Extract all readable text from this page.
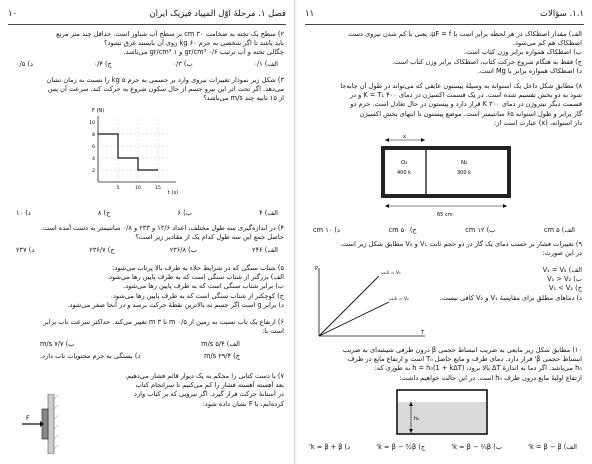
۱۰	فصل ۱. مرحلهٔ اوّل المپیاد فیزیک ایران
۲) سطح یک تخته به ضخامت ۳۰ cm بر سطح آب شناور است. حداقل چند متر مربع
باید باشد تا اگر شخصی به جرم ۶۰ kg روی آن بایستد غرق نشود؟
چگالی تخته و آب ترتیب ۰/۶ gr/cm³ و ۱ gr/cm³ می‌باشد.
الف) ۰/۱
ب) ۰/۳
ج) ۰/۴
د) ۰/۵
۳) شکل زیر نمودار تغییرات نیروی وارد بر جسمی به جرم ۵ kg را نسبت به زمان نشان
می‌دهد. اگر تحت اثر این نیرو جسم از حال سکون شروع به حرکت کند، سرعت آن پس
از ۱۵ ثانیه چند m/s می‌باشد؟
F (N)
t (s)
10
8
6
4
2
5	10	15
الف) ۴
ب) ۶
ج) ۸
د) ۱۰
۴) در اندازه‌گیری سه طول مختلف، اعداد ۱۳/۶ و ۲۳۳ و ۰/۸ سانتیمتر به دست آمده است.
حاصل جمع این سه طول کدام یک از مقادیر زیر است؟
الف) ۲۴۶
ب) ۲۳۶/۸
ج) ۲۳۶/۷
د) ۲۳۷
۵) شتاب سنگی که در شرایط خلاء به طرف بالا پرتاب می‌شود:
الف) بزرگتر از شتاب سنگی است که به طرف پایین رها می‌شود.
ب) برابر شتاب سنگی است که به طرف پایین رها می‌شود.
ج) کوچکتر از شتاب سنگی است که به طرف پایین رها می‌شود.
د) برابر g است اگر جسم به بالاترین نقطهٔ حرکت برسد و در آنجا صفر می‌شود.
۶) ارتفاع یک تاب نسبت به زمین از ۰/۵ m تا ۳ m تغییر می‌کند. حداکثر سرعت تاب برابر
است با:
الف) ۵/۴ m/s
ب) ۷/۷ m/s
ج) ۲۹/۴ m/s
د) بستگی به جرم محتویات تاب دارد.
۷) با دست کتابی را محکم به یک دیوار قائم فشار می‌دهیم.
بعد آهسته آهسته فشار را کم می‌کنیم تا سرانجام کتاب
در آستانهٔ حرکت قرار گیرد. اگر نیرویی که بر کتاب وارد
کرده‌ایم، با F نشان داده شود:
F
۱۱	۱.۱. سؤالات
الف) مقدار اصطکاک در هر لحظه برابر است با μF = f، یعنی با کم شدن نیروی دست
اصطکاک هم کم می‌شود.
ب) اصطکاک همواره برابر وزن کتاب است.
ج) فقط به هنگام شروع حرکت کتاب، اصطکاک برابر وزن کتاب است.
د) اصطکاک همواره برابر با Mg است.
۸) مطابق شکل داخل یک استوانه به وسیلهٔ پیستون عایقی که می‌تواند در طول آن جابه‌جا
شود به دو بخش تقسیم شده است. در یک قسمت اکسیژن در دمای ۴۰۰ K = T₁ و در
قسمت دیگر نیتروژن در دمای ۳۰۰ K قرار دارد و پیستون در حال تعادل است. جرم دو
گاز برابر و طول استوانه ۶۵ سانتیمتر است. موضع پیستون تا انتهای بخش اکسیژن
دار استوانه، (x) عبارت است از:
x
O₂
400 k
N₂
300 k
65 cm
الف) ۵ cm
ب) ۱۲ cm
ج) ۵۰ cm
د) ۱۰ cm
۹) تغییرات فشار بر حسب دمای یک گاز در دو حجم ثابت V₁ و V₂ مطابق شکل زیر است.
در این صورت:
P
T
ثابت = V₁
ثابت = V₂
الف) V₁ = V₂
ب) V₁ > V₂
ج) V₁ < V₂
د) دماهای مطلق برای مقایسهٔ V₁ و V₂ کافی نیست.
۱۰) مطابق شکل زیر مایعی به ضریب انبساط حجمی β درون ظرفی شیشه‌ای به ضریب
انبساط حجمی β' قرار دارد. دمای ظرف و مایع حاصل T₀ است و ارتفاع مایع در ظرف
h₀ می‌باشد. اگر دما به اندازهٔ ΔT بالا برود، h = h₀(1 + kΔT) به طوری که:
ارتفاع اولیهٔ مایع درون ظرف h₀ است. در این حالت خواهیم داشت:
h₀
الف) k = β − β'
ب) k ≈ β − ²⁄₃β'
ج) k ≈ β − ³⁄₂β'
د) k ≈ β + β'
